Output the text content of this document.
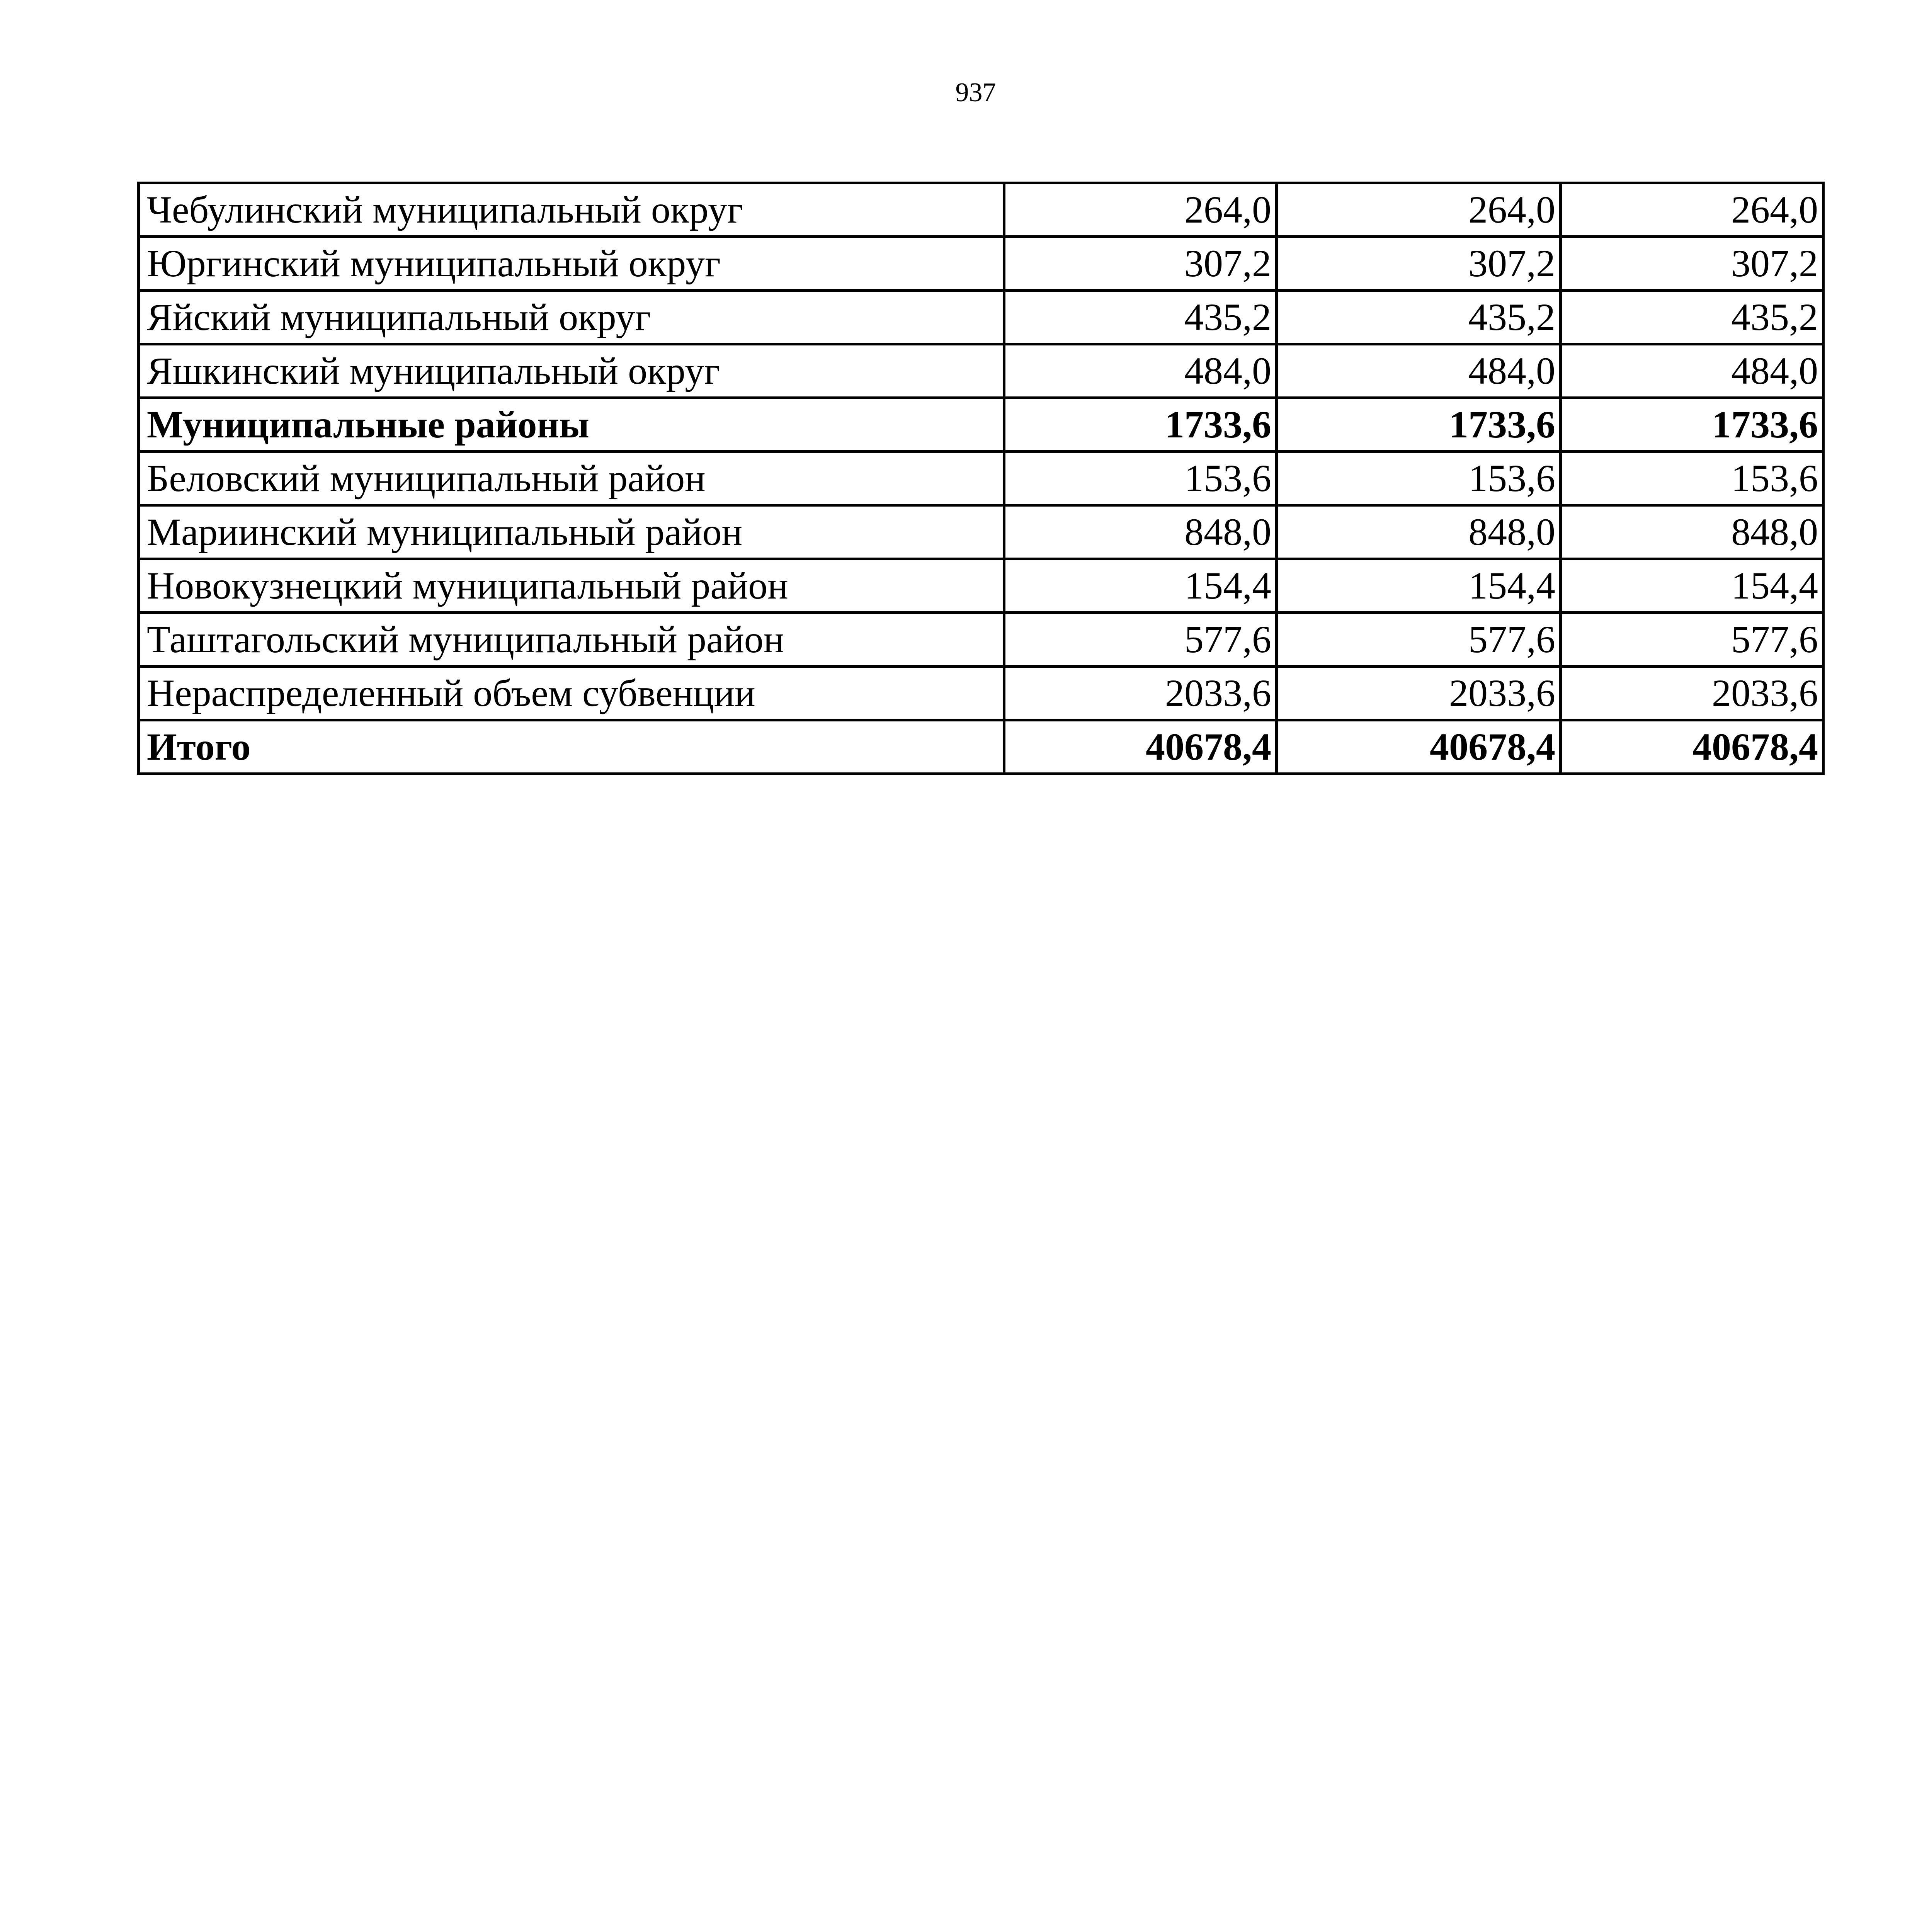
937
Чебулинский муниципальный округ	264,0	264,0	264,0
Юргинский муниципальный округ	307,2	307,2	307,2
Яйский муниципальный округ	435,2	435,2	435,2
Яшкинский муниципальный округ	484,0	484,0	484,0
Муниципальные районы	1733,6	1733,6	1733,6
Беловский муниципальный район	153,6	153,6	153,6
Мариинский муниципальный район	848,0	848,0	848,0
Новокузнецкий муниципальный район	154,4	154,4	154,4
Таштагольский муниципальный район	577,6	577,6	577,6
Нераспределенный объем субвенции	2033,6	2033,6	2033,6
Итого	40678,4	40678,4	40678,4
